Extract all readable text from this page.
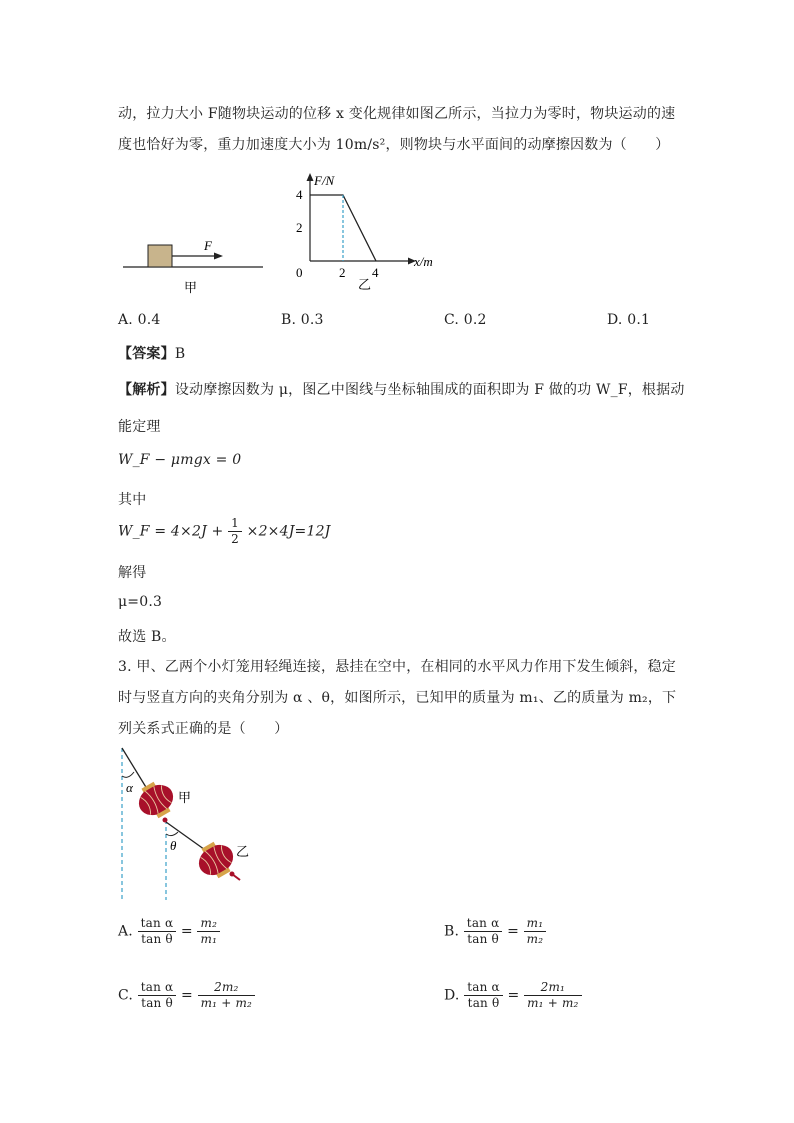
动，拉力大小 F随物块运动的位移 x 变化规律如图乙所示，当拉力为零时，物块运动的速
度也恰好为零，重力加速度大小为 10m/s²，则物块与水平面间的动摩擦因数为（　　）
F
甲
F/N
x/m
0	2 4
2
4
乙
A. 0.4	B. 0.3	C. 0.2	D. 0.1
【答案】B
【解析】设动摩擦因数为 μ，图乙中图线与坐标轴围成的面积即为 F 做的功 W_F，根据动
能定理
W_F − μmgx = 0
其中
W_F = $4\times 2J + \frac{1}{2} \times 2\times 4J=12J$
解得
μ=0.3
故选 B。
3. 甲、乙两个小灯笼用轻绳连接，悬挂在空中，在相同的水平风力作用下发生倾斜，稳定
时与竖直方向的夹角分别为 α 、θ，如图所示，已知甲的质量为 m₁、乙的质量为 m₂，下
列关系式正确的是（　　）
α
θ
甲
乙
A. $\frac{\text{tan α}}{\text{tan θ}} = \frac{\text{m₂}}{\text{m₁}}$	B. $\frac{\text{tan α}}{\text{tan θ}} = \frac{\text{m₁}}{\text{m₂}}$
C. $\frac{\text{tan α}}{\text{tan θ}} = \frac{\text{2m₂}}{\text{m₁ + m₂}}$	D. $\frac{\text{tan α}}{\text{tan θ}} = \frac{\text{2m₁}}{\text{m₁ + m₂}}$
